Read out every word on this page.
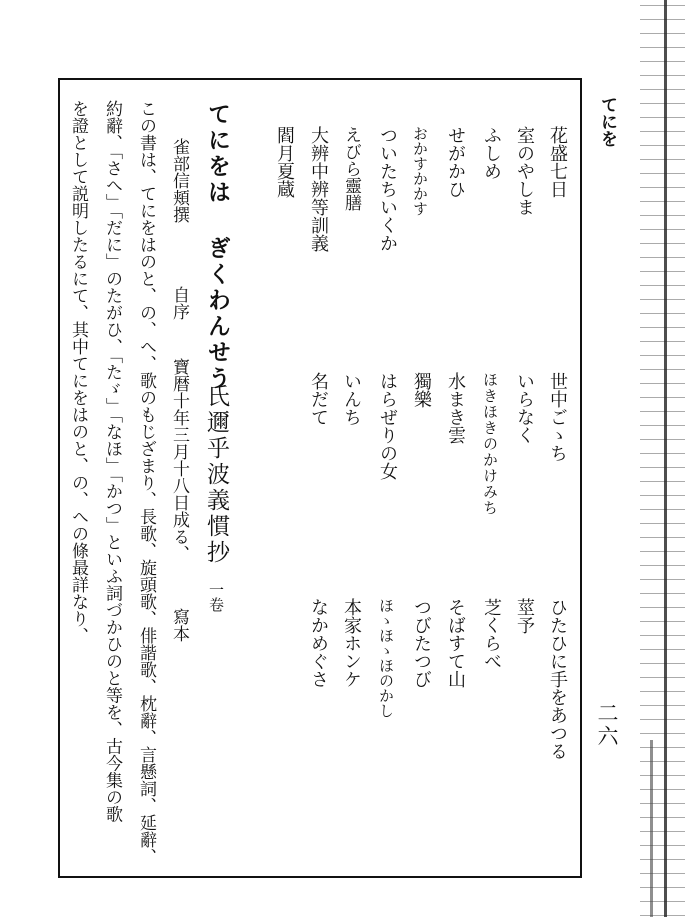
てにを
二六
世中ごゝち
いらなく
ほきほきのかけみち
水まき雲
獨樂
はらぜりの女
いんち
名だて
ひたひに手をあつる
莖予
芝くらべ
そばすて山
つびたつび
ほゝほゝほのかし
本家ホンケ
なかめぐさ
花盛七日
室のやしま
ふしめ
せがかひ
おかすかかす
ついたちいくか
えびら靈膳
大辨中辨等訓義
閻月夏蔵
てにをは ぎくわんせう
氏邇乎波義慣抄
一卷
雀部信頬撰
自序
寶暦十年三月十八日成る、
寫本
この書は、てにをはのと、の、へ、歌のもじざまり、長歌、旋頭歌、俳諧歌、枕辭、言懸詞、延辭、
約辭、「さへ」「だに」のたがひ、「たゞ」「なほ」「かつ」といふ詞づかひのと等を、古今集の歌
を證として説明したるにて、其中てにをはのと、の、への條最詳なり、
